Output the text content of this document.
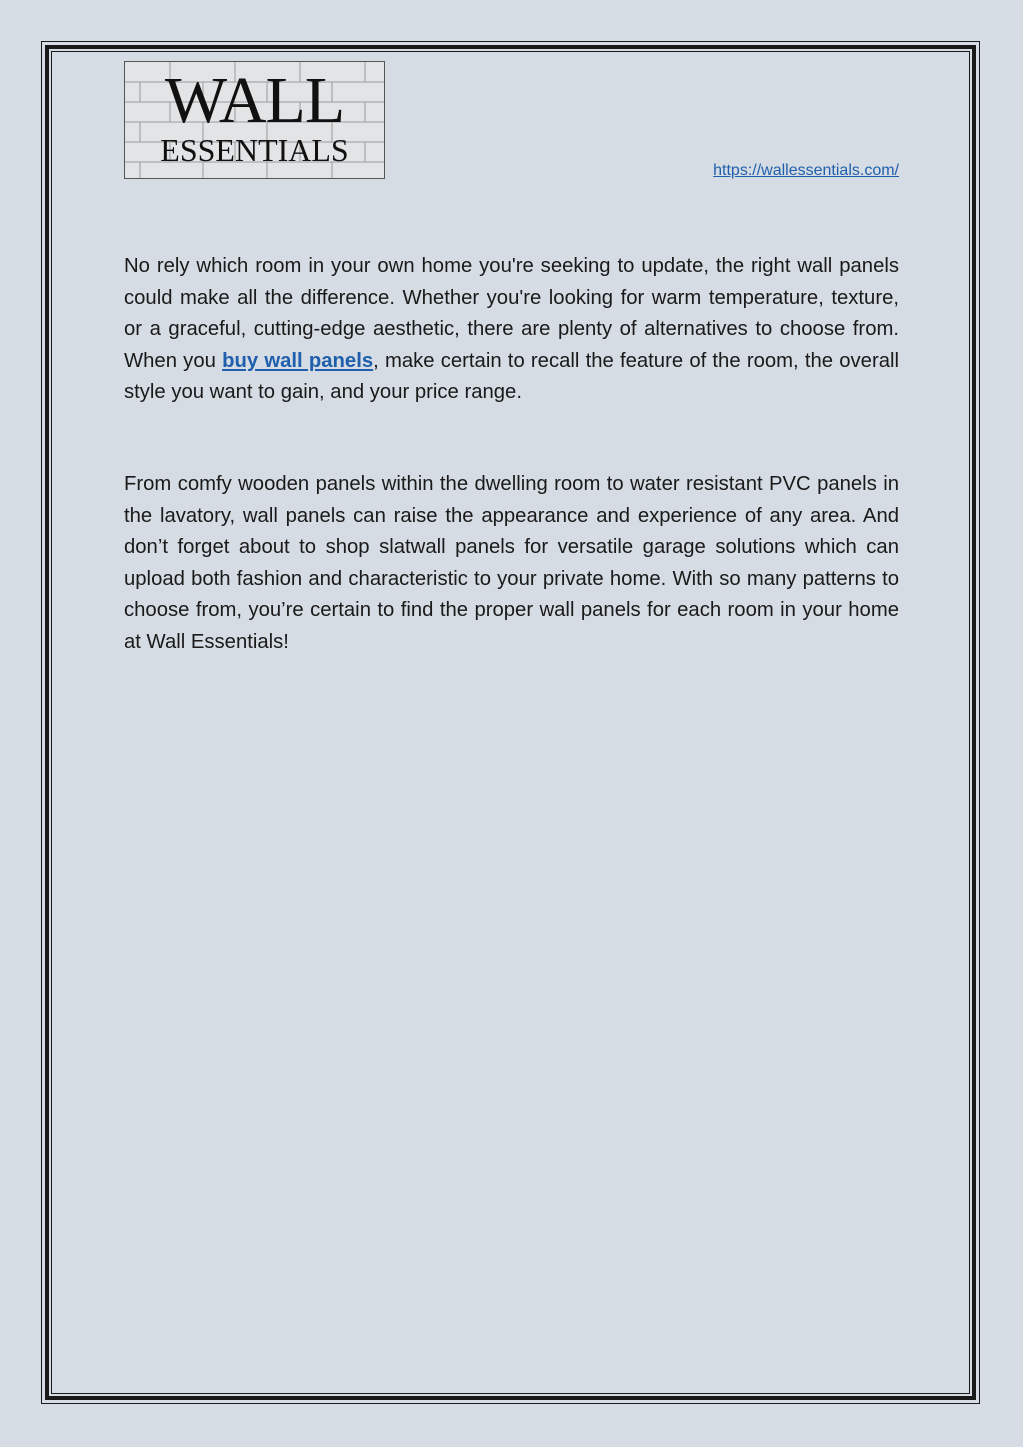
WALL
ESSENTIALS
https://wallessentials.com/

No rely which room in your own home you're seeking to update, the right wall panels could make all the difference. Whether you're looking for warm temperature, texture, or a graceful, cutting-edge aesthetic, there are plenty of alternatives to choose from. When you buy wall panels, make certain to recall the feature of the room, the overall style you want to gain, and your price range.

From comfy wooden panels within the dwelling room to water resistant PVC panels in the lavatory, wall panels can raise the appearance and experience of any area. And don’t forget about to shop slatwall panels for versatile garage solutions which can upload both fashion and characteristic to your private home. With so many patterns to choose from, you’re certain to find the proper wall panels for each room in your home at Wall Essentials!
